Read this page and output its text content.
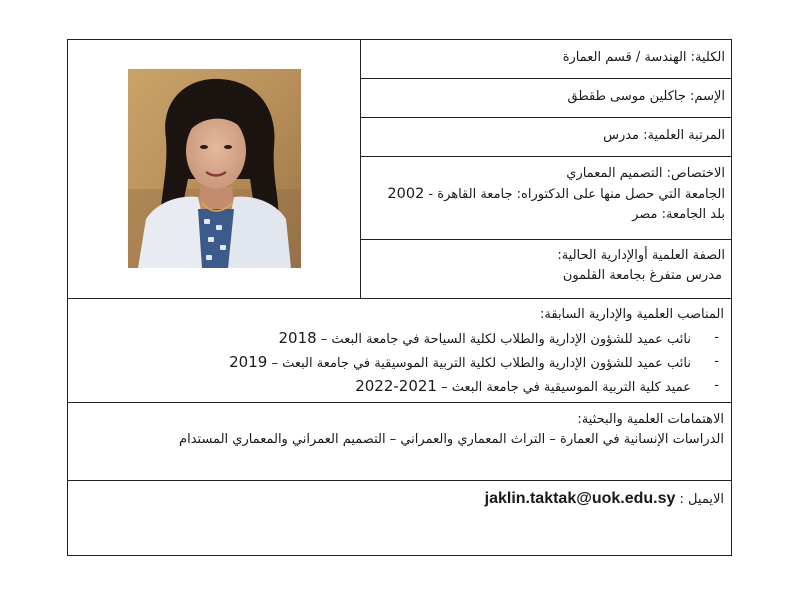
الكلية: الهندسة / قسم العمارة
الإسم: جاكلين موسى طقطق
المرتبة العلمية: مدرس
الاختصاص: التصميم المعماري
الجامعة التي حصل منها على الدكتوراه: جامعة القاهرة - 2002
بلد الجامعة: مصر
الصفة العلمية أوالإدارية الحالية:
مدرس متفرغ بجامعة القلمون
المناصب العلمية والإدارية السابقة:
-
نائب عميد للشؤون الإدارية والطلاب لكلية السياحة في جامعة البعث – 2018
-
نائب عميد للشؤون الإدارية والطلاب لكلية التربية الموسيقية في جامعة البعث – 2019
-
عميد كلية التربية الموسيقية في جامعة البعث – 2021-2022
الاهتمامات العلمية والبحثية:
الدراسات الإنسانية في العمارة – التراث المعماري والعمراني – التصميم العمراني والمعماري المستدام
الايميل : jaklin.taktak@uok.edu.sy
